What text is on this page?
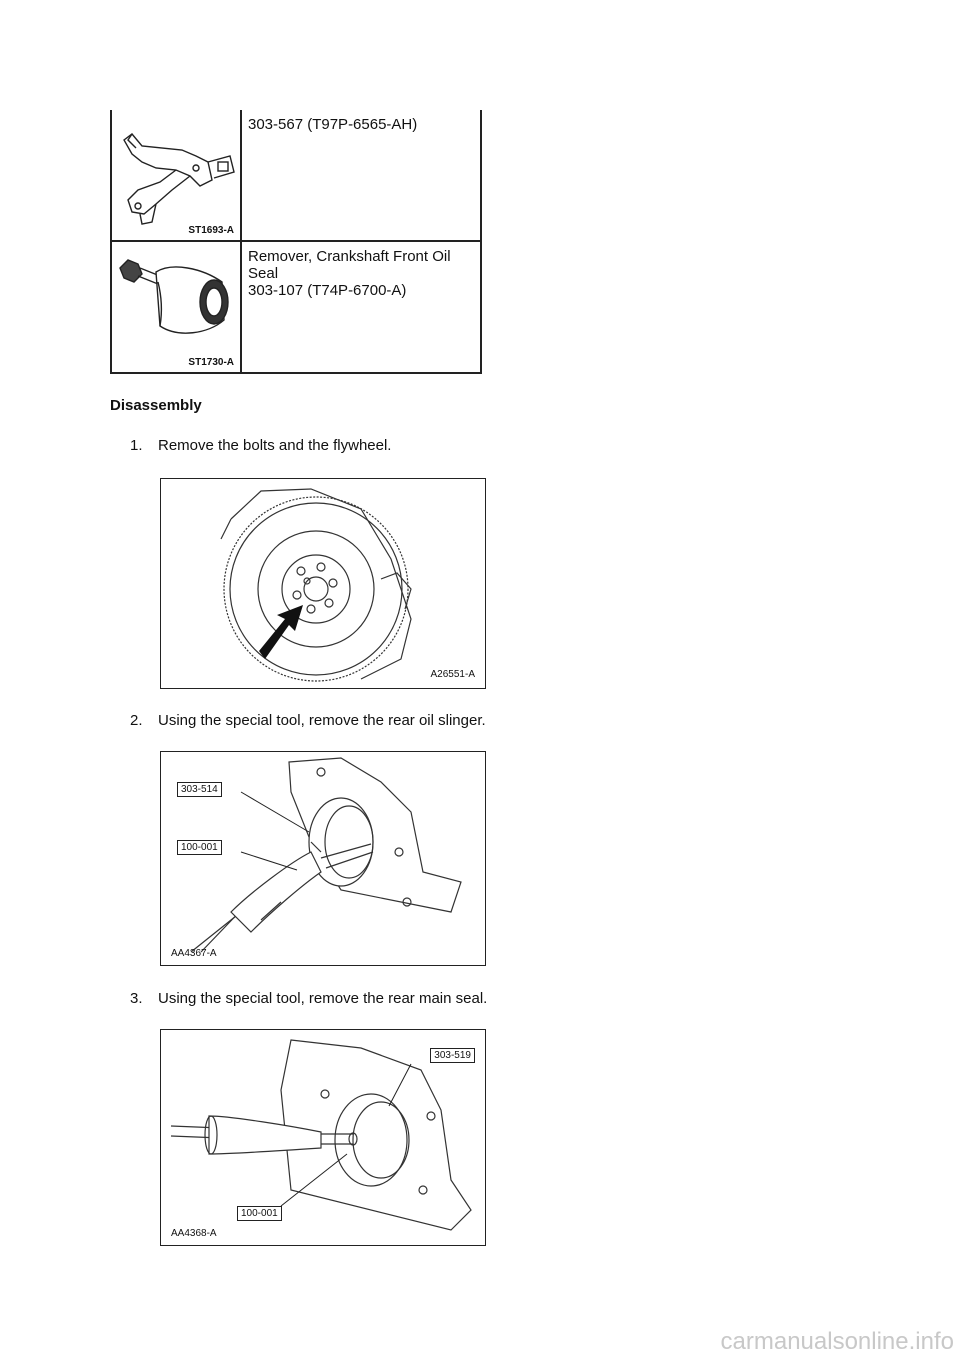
ST1693-A
303-567 (T97P-6565-AH)
ST1730-A
Remover, Crankshaft Front Oil
Seal
303-107 (T74P-6700-A)
Disassembly
1. Remove the bolts and the flywheel.
A26551-A
2. Using the special tool, remove the rear oil slinger.
303-514
100-001
AA4367-A
3. Using the special tool, remove the rear main seal.
303-519
100-001
AA4368-A
carmanualsonline.info
